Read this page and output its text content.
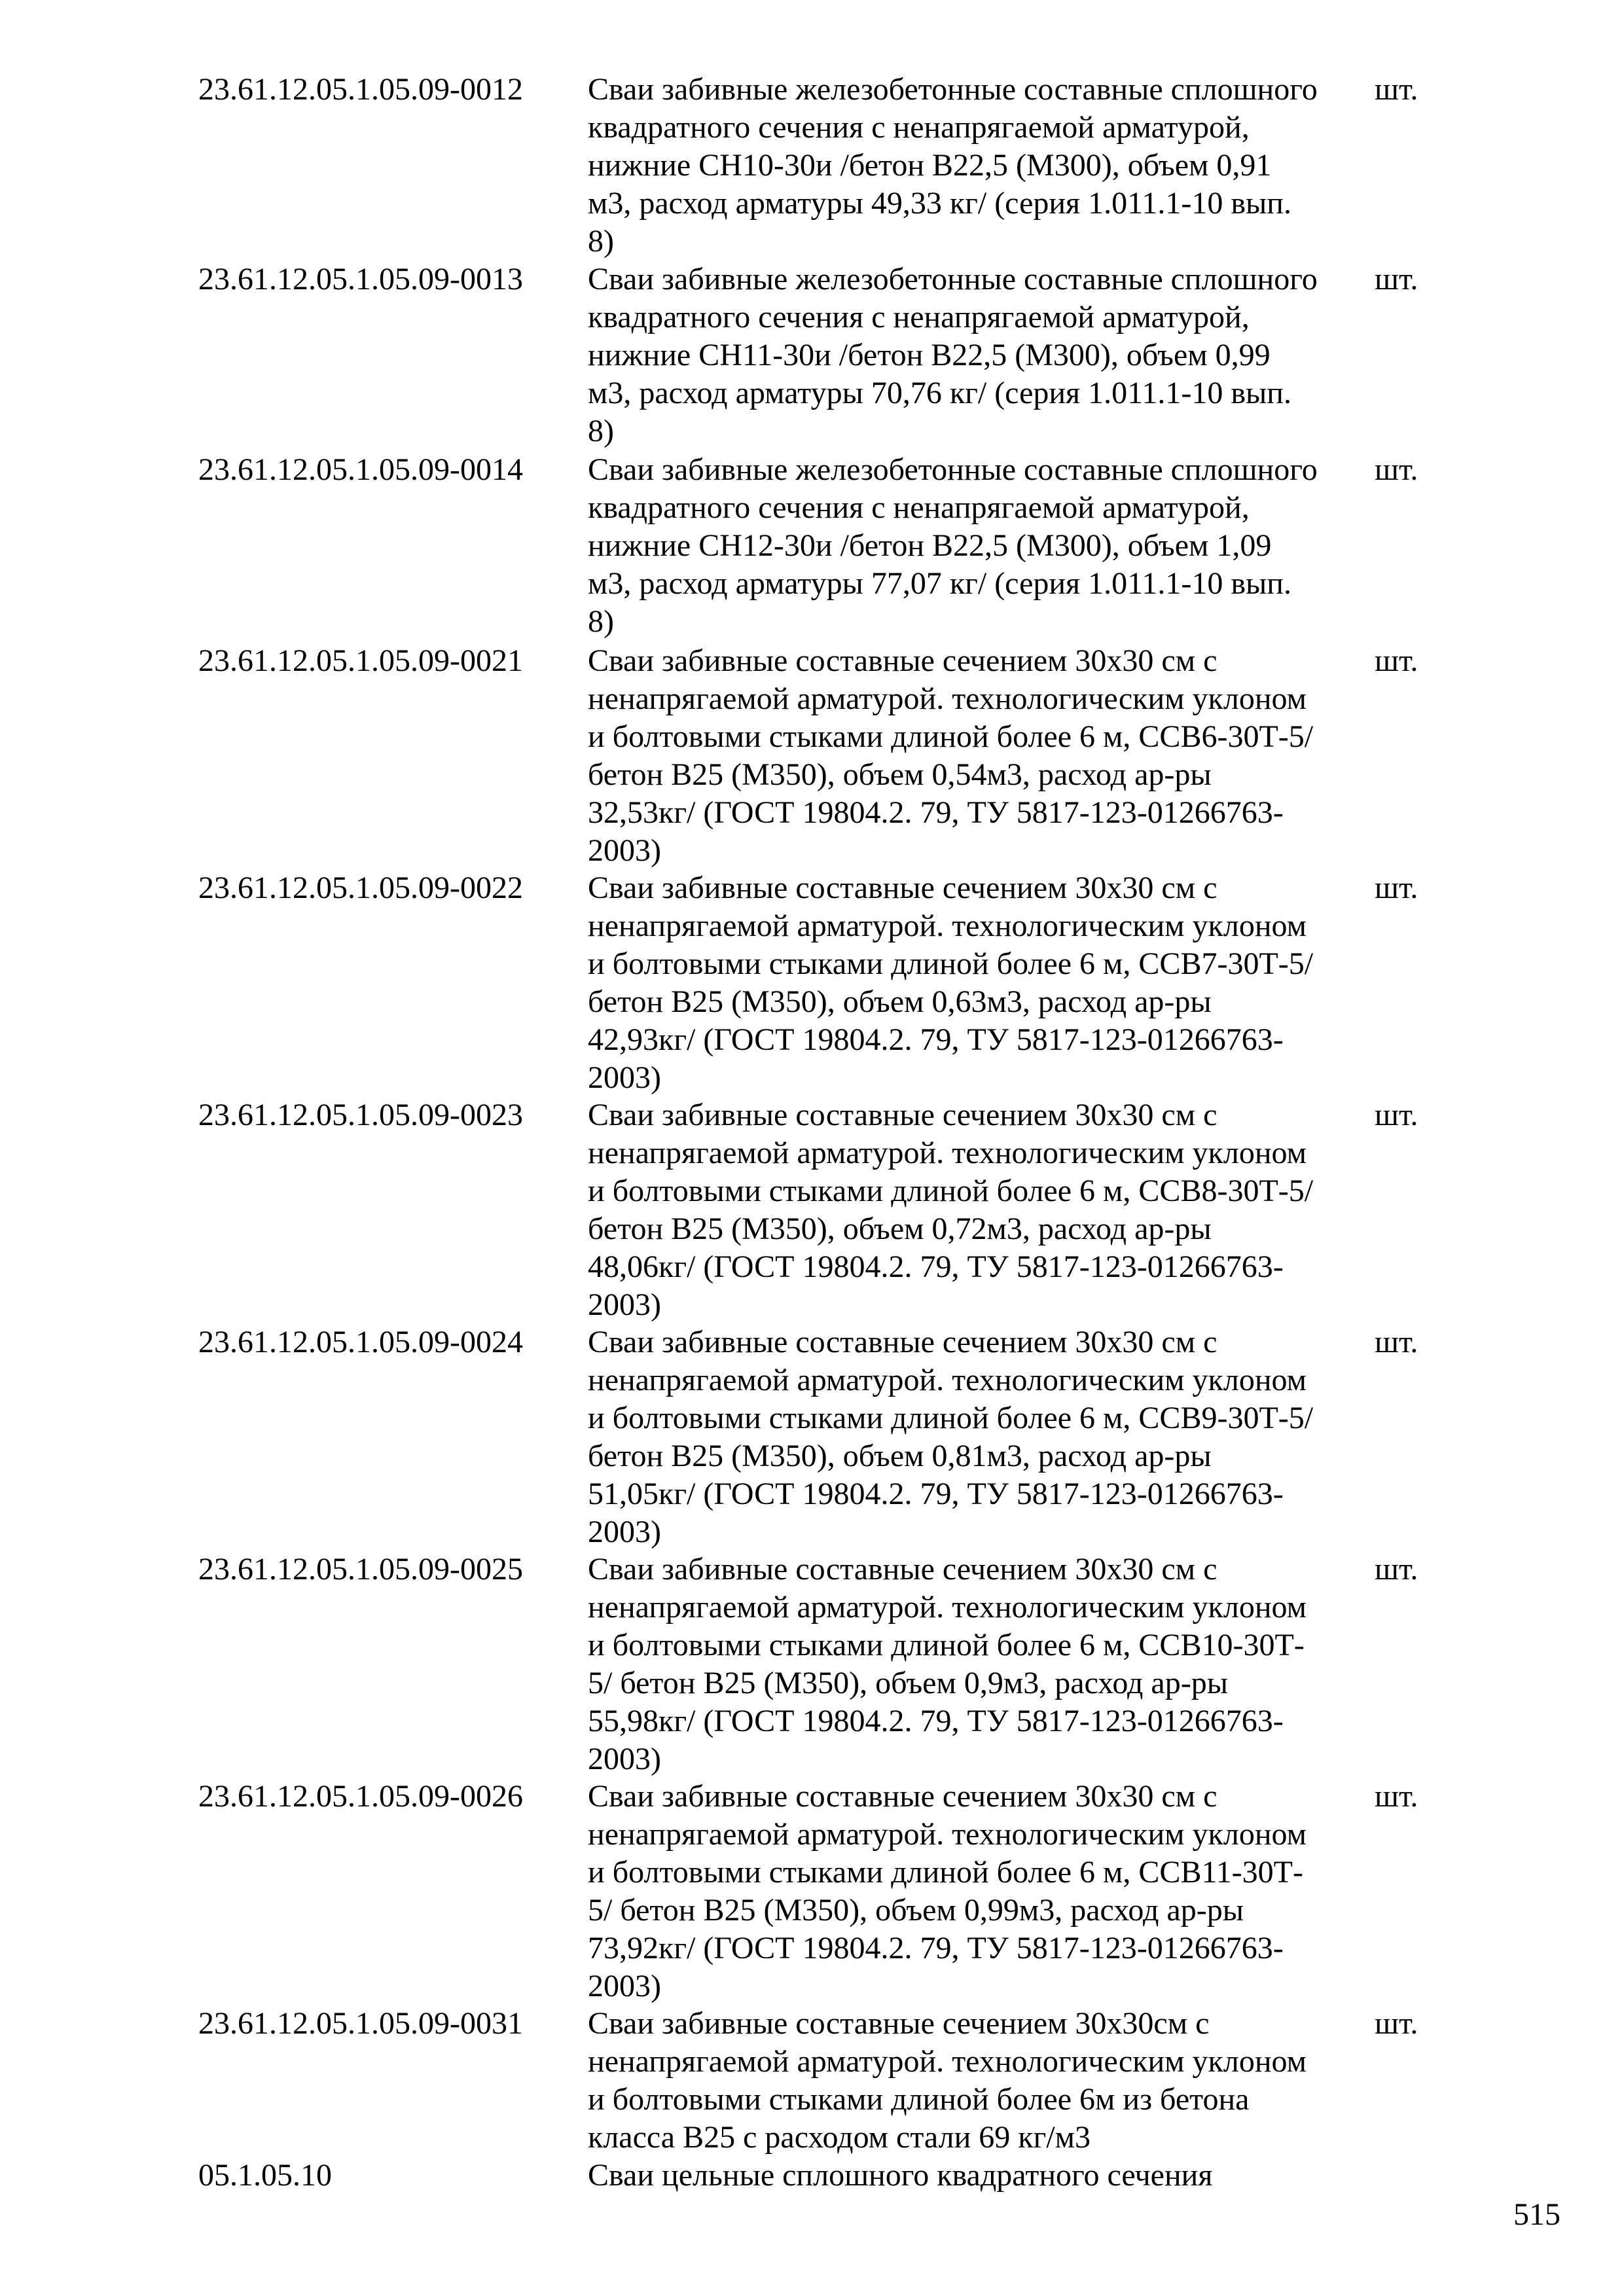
23.61.12.05.1.05.09-0012 Сваи забивные железобетонные составные сплошного
квадратного сечения с ненапрягаемой арматурой,
нижние СН10-30и /бетон В22,5 (М300), объем 0,91
м3, расход арматуры 49,33 кг/ (серия 1.011.1-10 вып.
8)
шт.
23.61.12.05.1.05.09-0013 Сваи забивные железобетонные составные сплошного
квадратного сечения с ненапрягаемой арматурой,
нижние СН11-30и /бетон В22,5 (М300), объем 0,99
м3, расход арматуры 70,76 кг/ (серия 1.011.1-10 вып.
8)
шт.
23.61.12.05.1.05.09-0014 Сваи забивные железобетонные составные сплошного
квадратного сечения с ненапрягаемой арматурой,
нижние СН12-30и /бетон В22,5 (М300), объем 1,09
м3, расход арматуры 77,07 кг/ (серия 1.011.1-10 вып.
8)
шт.
23.61.12.05.1.05.09-0021 Сваи забивные составные сечением 30х30 см с
ненапрягаемой арматурой. технологическим уклоном
и болтовыми стыками длиной более 6 м, ССВ6-30Т-5/
бетон В25 (М350), объем 0,54м3, расход ар-ры
32,53кг/ (ГОСТ 19804.2. 79, ТУ 5817-123-01266763-
2003)
шт.
23.61.12.05.1.05.09-0022 Сваи забивные составные сечением 30х30 см с
ненапрягаемой арматурой. технологическим уклоном
и болтовыми стыками длиной более 6 м, ССВ7-30Т-5/
бетон В25 (М350), объем 0,63м3, расход ар-ры
42,93кг/ (ГОСТ 19804.2. 79, ТУ 5817-123-01266763-
2003)
шт.
23.61.12.05.1.05.09-0023 Сваи забивные составные сечением 30х30 см с
ненапрягаемой арматурой. технологическим уклоном
и болтовыми стыками длиной более 6 м, ССВ8-30Т-5/
бетон В25 (М350), объем 0,72м3, расход ар-ры
48,06кг/ (ГОСТ 19804.2. 79, ТУ 5817-123-01266763-
2003)
шт.
23.61.12.05.1.05.09-0024 Сваи забивные составные сечением 30х30 см с
ненапрягаемой арматурой. технологическим уклоном
и болтовыми стыками длиной более 6 м, ССВ9-30Т-5/
бетон В25 (М350), объем 0,81м3, расход ар-ры
51,05кг/ (ГОСТ 19804.2. 79, ТУ 5817-123-01266763-
2003)
шт.
23.61.12.05.1.05.09-0025 Сваи забивные составные сечением 30х30 см с
ненапрягаемой арматурой. технологическим уклоном
и болтовыми стыками длиной более 6 м, ССВ10-30Т-
5/ бетон В25 (М350), объем 0,9м3, расход ар-ры
55,98кг/ (ГОСТ 19804.2. 79, ТУ 5817-123-01266763-
2003)
шт.
23.61.12.05.1.05.09-0026 Сваи забивные составные сечением 30х30 см с
ненапрягаемой арматурой. технологическим уклоном
и болтовыми стыками длиной более 6 м, ССВ11-30Т-
5/ бетон В25 (М350), объем 0,99м3, расход ар-ры
73,92кг/ (ГОСТ 19804.2. 79, ТУ 5817-123-01266763-
2003)
шт.
23.61.12.05.1.05.09-0031 Сваи забивные составные сечением 30х30см с
ненапрягаемой арматурой. технологическим уклоном
и болтовыми стыками длиной более 6м из бетона
класса В25 с расходом стали 69 кг/м3
шт.
05.1.05.10	Сваи цельные сплошного квадратного сечения
515
